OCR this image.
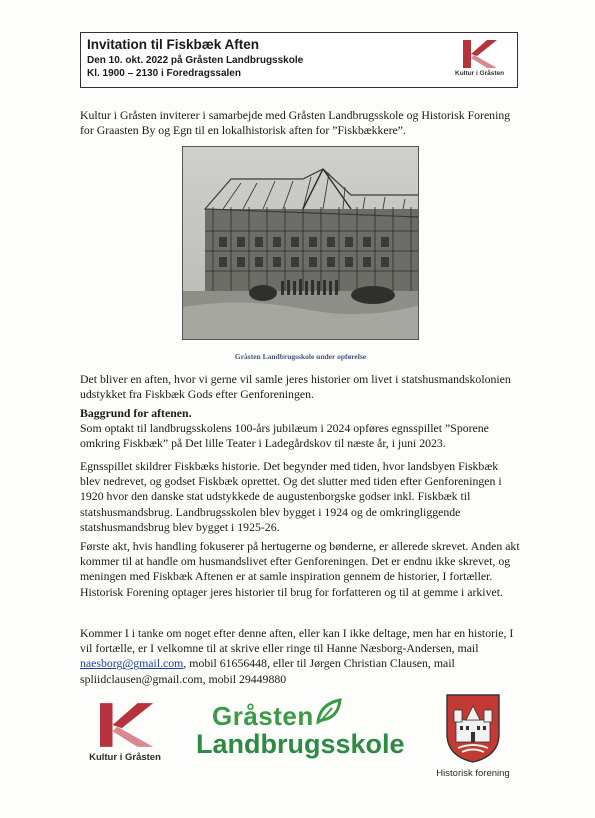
Invitation til Fiskbæk Aften
Den 10. okt. 2022 på Gråsten Landbrugsskole
Kl. 1900 – 2130 i Foredragssalen	Kultur i Gråsten
Kultur i Gråsten inviterer i samarbejde med Gråsten Landbrugsskole og Historisk Forening for Graasten By og Egn til en lokalhistorisk aften for ”Fiskbækkere”.
Gråsten Landbrugsskole under opførelse
Det bliver en aften, hvor vi gerne vil samle jeres historier om livet i statshusmandskolonien udstykket fra Fiskbæk Gods efter Genforeningen.
Baggrund for aftenen.
Som optakt til landbrugsskolens 100-års jubilæum i 2024 opføres egnsspillet ”Sporene omkring Fiskbæk” på Det lille Teater i Ladegårdskov til næste år, i juni 2023.
Egnsspillet skildrer Fiskbæks historie. Det begynder med tiden, hvor landsbyen Fiskbæk blev nedrevet, og godset Fiskbæk oprettet. Og det slutter med tiden efter Genforeningen i 1920 hvor den danske stat udstykkede de augustenborgske godser inkl. Fiskbæk til statshusmandsbrug. Landbrugsskolen blev bygget i 1924 og de omkringliggende statshusmandsbrug blev bygget i 1925-26.
Første akt, hvis handling fokuserer på hertugerne og bønderne, er allerede skrevet. Anden akt kommer til at handle om husmandslivet efter Genforeningen. Det er endnu ikke skrevet, og meningen med Fiskbæk Aftenen er at samle inspiration gennem de historier, I fortæller. Historisk Forening optager jeres historier til brug for forfatteren og til at gemme i arkivet.
Kommer I i tanke om noget efter denne aften, eller kan I ikke deltage, men har en historie, I vil fortælle, er I velkomne til at skrive eller ringe til Hanne Næsborg-Andersen, mail naesborg@gmail.com, mobil 61656448, eller til Jørgen Christian Clausen, mail spliidclausen@gmail.com, mobil 29449880
Kultur i Gråsten
Gråsten
Landbrugsskole
Historisk forening
